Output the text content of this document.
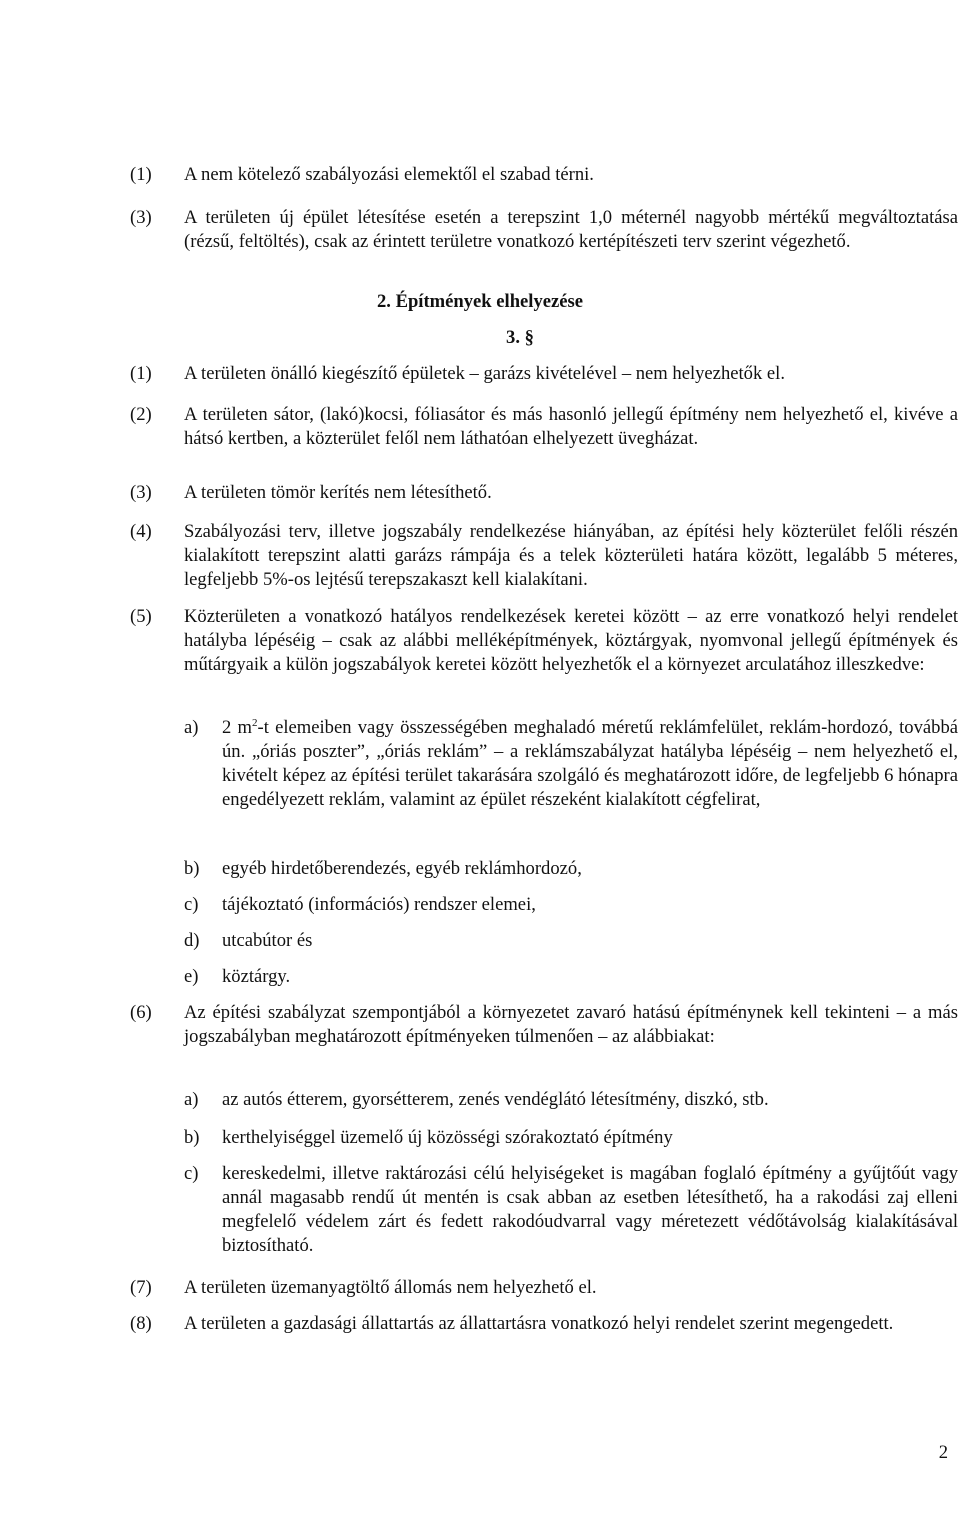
(1)	A nem kötelező szabályozási elemektől el szabad térni.
(3)	A területen új épület létesítése esetén a terepszint 1,0 méternél nagyobb mértékű megváltoztatása (rézsű, feltöltés), csak az érintett területre vonatkozó kertépítészeti terv szerint végezhető.
2. Építmények elhelyezése
3. §
(1)	A területen önálló kiegészítő épületek – garázs kivételével – nem helyezhetők el.
(2)	A területen sátor, (lakó)kocsi, fóliasátor és más hasonló jellegű építmény nem helyezhető el, kivéve a hátsó kertben, a közterület felől nem láthatóan elhelyezett üvegházat.
(3)	A területen tömör kerítés nem létesíthető.
(4)	Szabályozási terv, illetve jogszabály rendelkezése hiányában, az építési hely közterület felőli részén kialakított terepszint alatti garázs rámpája és a telek közterületi határa között, legalább 5 méteres, legfeljebb 5%-os lejtésű terepszakaszt kell kialakítani.
(5)	Közterületen a vonatkozó hatályos rendelkezések keretei között – az erre vonatkozó helyi rendelet hatályba lépéséig – csak az alábbi melléképítmények, köztárgyak, nyomvonal jellegű építmények és műtárgyaik a külön jogszabályok keretei között helyezhetők el a környezet arculatához illeszkedve:
a)	2 $m^2-t$ elemeiben vagy összességében meghaladó méretű reklámfelület, reklám-hordozó, továbbá ún. „óriás poszter”, „óriás reklám” – a reklámszabályzat hatályba lépéséig – nem helyezhető el, kivételt képez az építési terület takarására szolgáló és meghatározott időre, de legfeljebb 6 hónapra engedélyezett reklám, valamint az épület részeként kialakított cégfelirat,
b)	egyéb hirdetőberendezés, egyéb reklámhordozó,
c)	tájékoztató (információs) rendszer elemei,
d)	utcabútor és
e)	köztárgy.
(6)	Az építési szabályzat szempontjából a környezetet zavaró hatású építménynek kell tekinteni – a más jogszabályban meghatározott építményeken túlmenően – az alábbiakat:
a)	az autós étterem, gyorsétterem, zenés vendéglátó létesítmény, diszkó, stb.
b)	kerthelyiséggel üzemelő új közösségi szórakoztató építmény
c)	kereskedelmi, illetve raktározási célú helyiségeket is magában foglaló építmény a gyűjtőút vagy annál magasabb rendű út mentén is csak abban az esetben létesíthető, ha a rakodási zaj elleni megfelelő védelem zárt és fedett rakodóudvarral vagy méretezett védőtávolság kialakításával biztosítható.
(7)	A területen üzemanyagtöltő állomás nem helyezhető el.
(8)	A területen a gazdasági állattartás az állattartásra vonatkozó helyi rendelet szerint megengedett.
2
